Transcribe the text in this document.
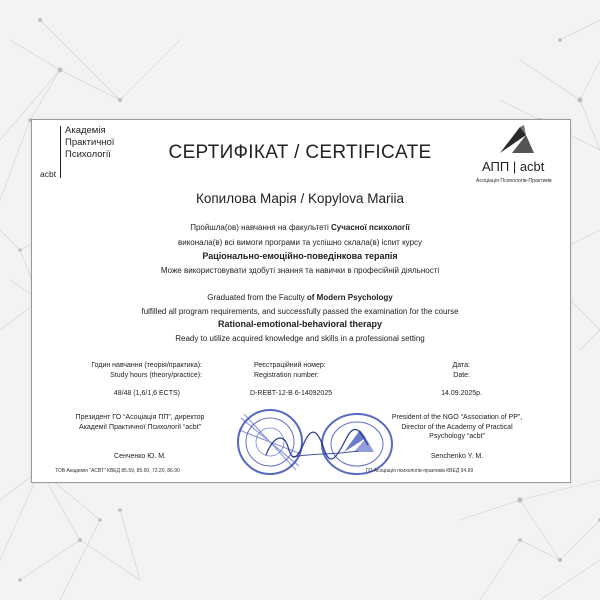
acbt
Академія
Практичної
Психології	СЕРТИФІКАТ / CERTIFICATE
АПП | acbt
Асоціація Психологів-Практиків
Копилова Марія / Kopylova Mariia
Пройшла(ов) навчання на факультеті Сучасної психології
виконала(в) всі вимоги програми та успішно склала(в) іспит курсу
Раціонально-емоційно-поведінкова терапія
Може використовувати здобуті знання та навички в професійній діяльності
Graduated from the Faculty of Modern Psychology
fulfilled all program requirements, and successfully passed the examination for the course
Rational-emotional-behavioral therapy
Ready to utilize acquired knowledge and skills in a professional setting
Годин навчання (теорія/практика):
Study hours (theory/practice):
48/48 (1,6/1,6 ECTS)
Реєстраційний номер:
Registration number:
D-REBT-12-B 6-14092025
Дата:
Date:
14.09.2025р.
Президент ГО “Асоціація ПП”, директор
Академії Практичної Психології “acbt”
Сенченко Ю. М.
President of the NGO “Association of PP”,
Director of the Academy of Practical
Psychology “acbt”
Senchenko Y. M.
ТОВ Академія "АСВТ" КВЕД 85.59, 85.60, 72.20, 86.90	ГО Асоціація психологів-практиків КВЕД 94.99
